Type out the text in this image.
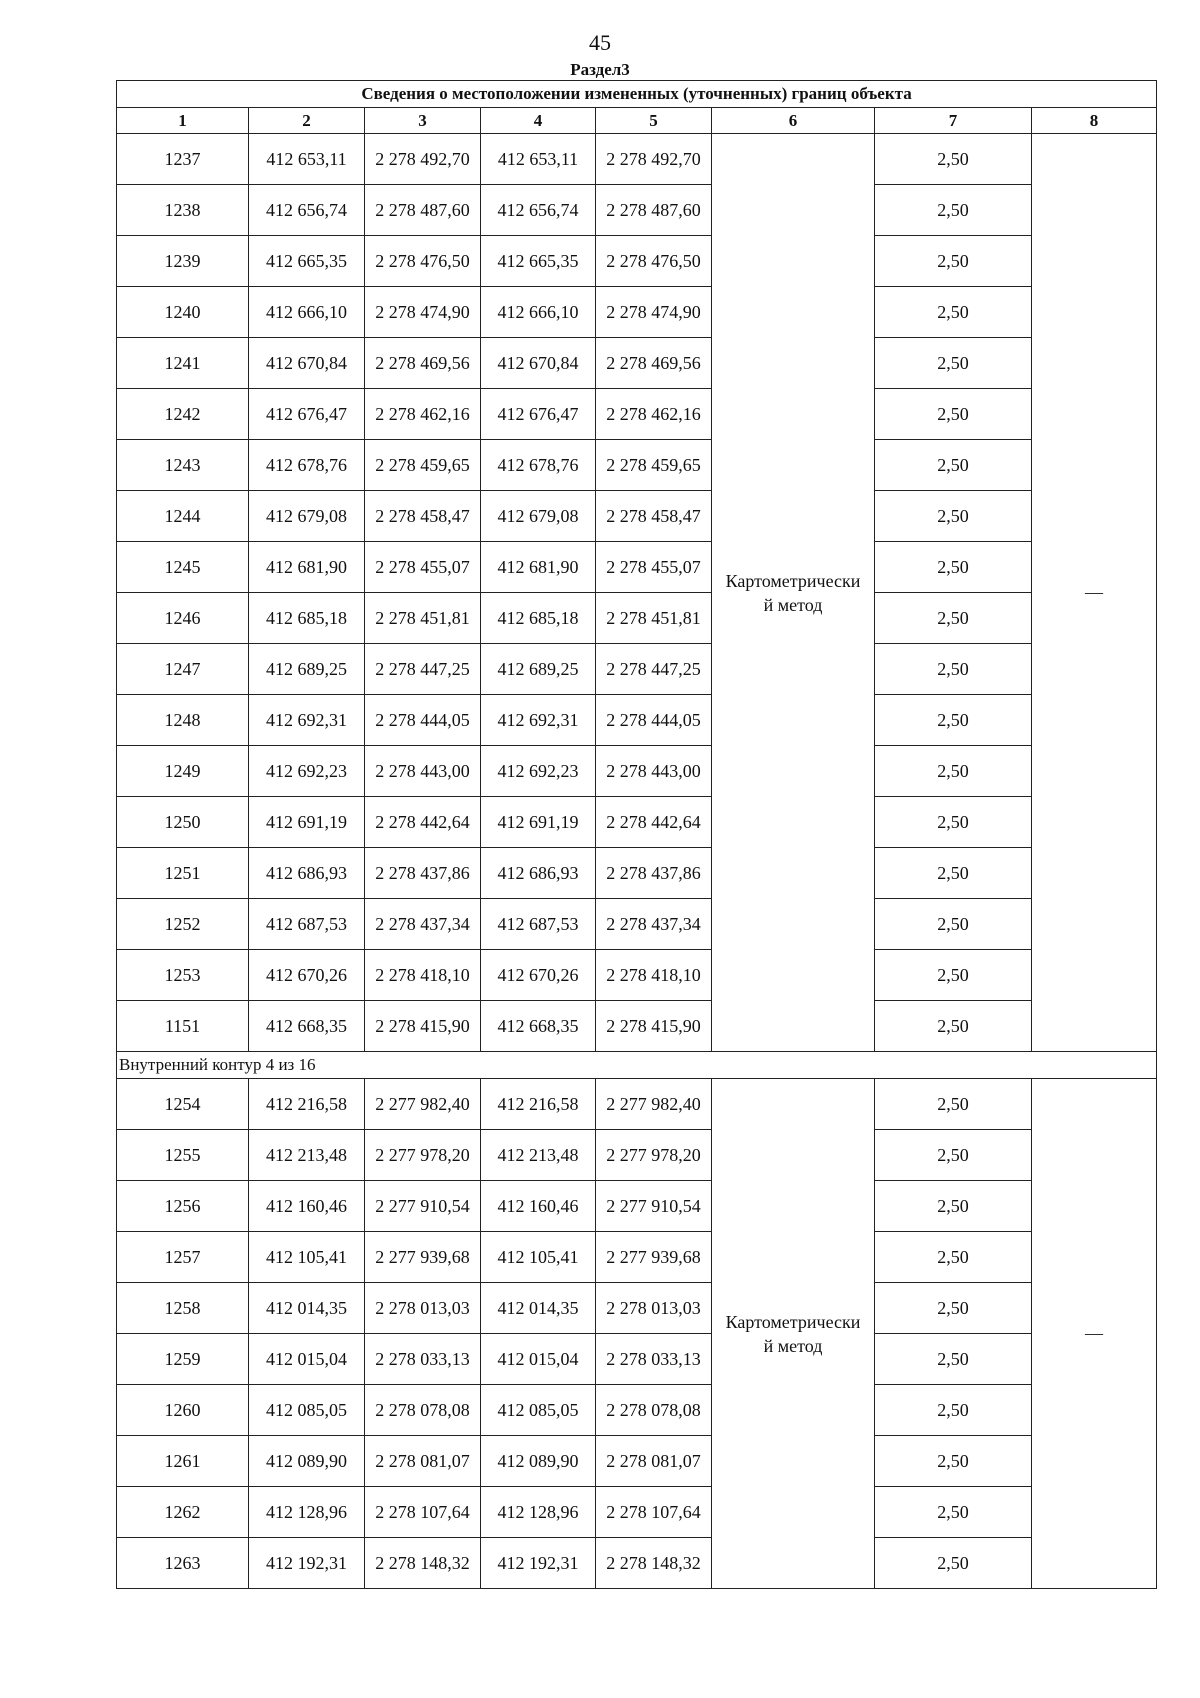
45
Раздел3
Сведения о местоположении измененных (уточненных) границ объекта							
1	2	3	4	5	6	7	8
1237	412 653,11	2 278 492,70	412 653,11	2 278 492,70	Картометрически
й метод	2,50	—
1238	412 656,74	2 278 487,60	412 656,74	2 278 487,60		2,50	
1239	412 665,35	2 278 476,50	412 665,35	2 278 476,50		2,50	
1240	412 666,10	2 278 474,90	412 666,10	2 278 474,90		2,50	
1241	412 670,84	2 278 469,56	412 670,84	2 278 469,56		2,50	
1242	412 676,47	2 278 462,16	412 676,47	2 278 462,16		2,50	
1243	412 678,76	2 278 459,65	412 678,76	2 278 459,65		2,50	
1244	412 679,08	2 278 458,47	412 679,08	2 278 458,47		2,50	
1245	412 681,90	2 278 455,07	412 681,90	2 278 455,07		2,50	
1246	412 685,18	2 278 451,81	412 685,18	2 278 451,81		2,50	
1247	412 689,25	2 278 447,25	412 689,25	2 278 447,25		2,50	
1248	412 692,31	2 278 444,05	412 692,31	2 278 444,05		2,50	
1249	412 692,23	2 278 443,00	412 692,23	2 278 443,00		2,50	
1250	412 691,19	2 278 442,64	412 691,19	2 278 442,64		2,50	
1251	412 686,93	2 278 437,86	412 686,93	2 278 437,86		2,50	
1252	412 687,53	2 278 437,34	412 687,53	2 278 437,34		2,50	
1253	412 670,26	2 278 418,10	412 670,26	2 278 418,10		2,50	
1151	412 668,35	2 278 415,90	412 668,35	2 278 415,90		2,50	
Внутренний контур 4 из 16							
1254	412 216,58	2 277 982,40	412 216,58	2 277 982,40	Картометрически
й метод	2,50	—
1255	412 213,48	2 277 978,20	412 213,48	2 277 978,20		2,50	
1256	412 160,46	2 277 910,54	412 160,46	2 277 910,54		2,50	
1257	412 105,41	2 277 939,68	412 105,41	2 277 939,68		2,50	
1258	412 014,35	2 278 013,03	412 014,35	2 278 013,03		2,50	
1259	412 015,04	2 278 033,13	412 015,04	2 278 033,13		2,50	
1260	412 085,05	2 278 078,08	412 085,05	2 278 078,08		2,50	
1261	412 089,90	2 278 081,07	412 089,90	2 278 081,07		2,50	
1262	412 128,96	2 278 107,64	412 128,96	2 278 107,64		2,50	
1263	412 192,31	2 278 148,32	412 192,31	2 278 148,32		2,50	
